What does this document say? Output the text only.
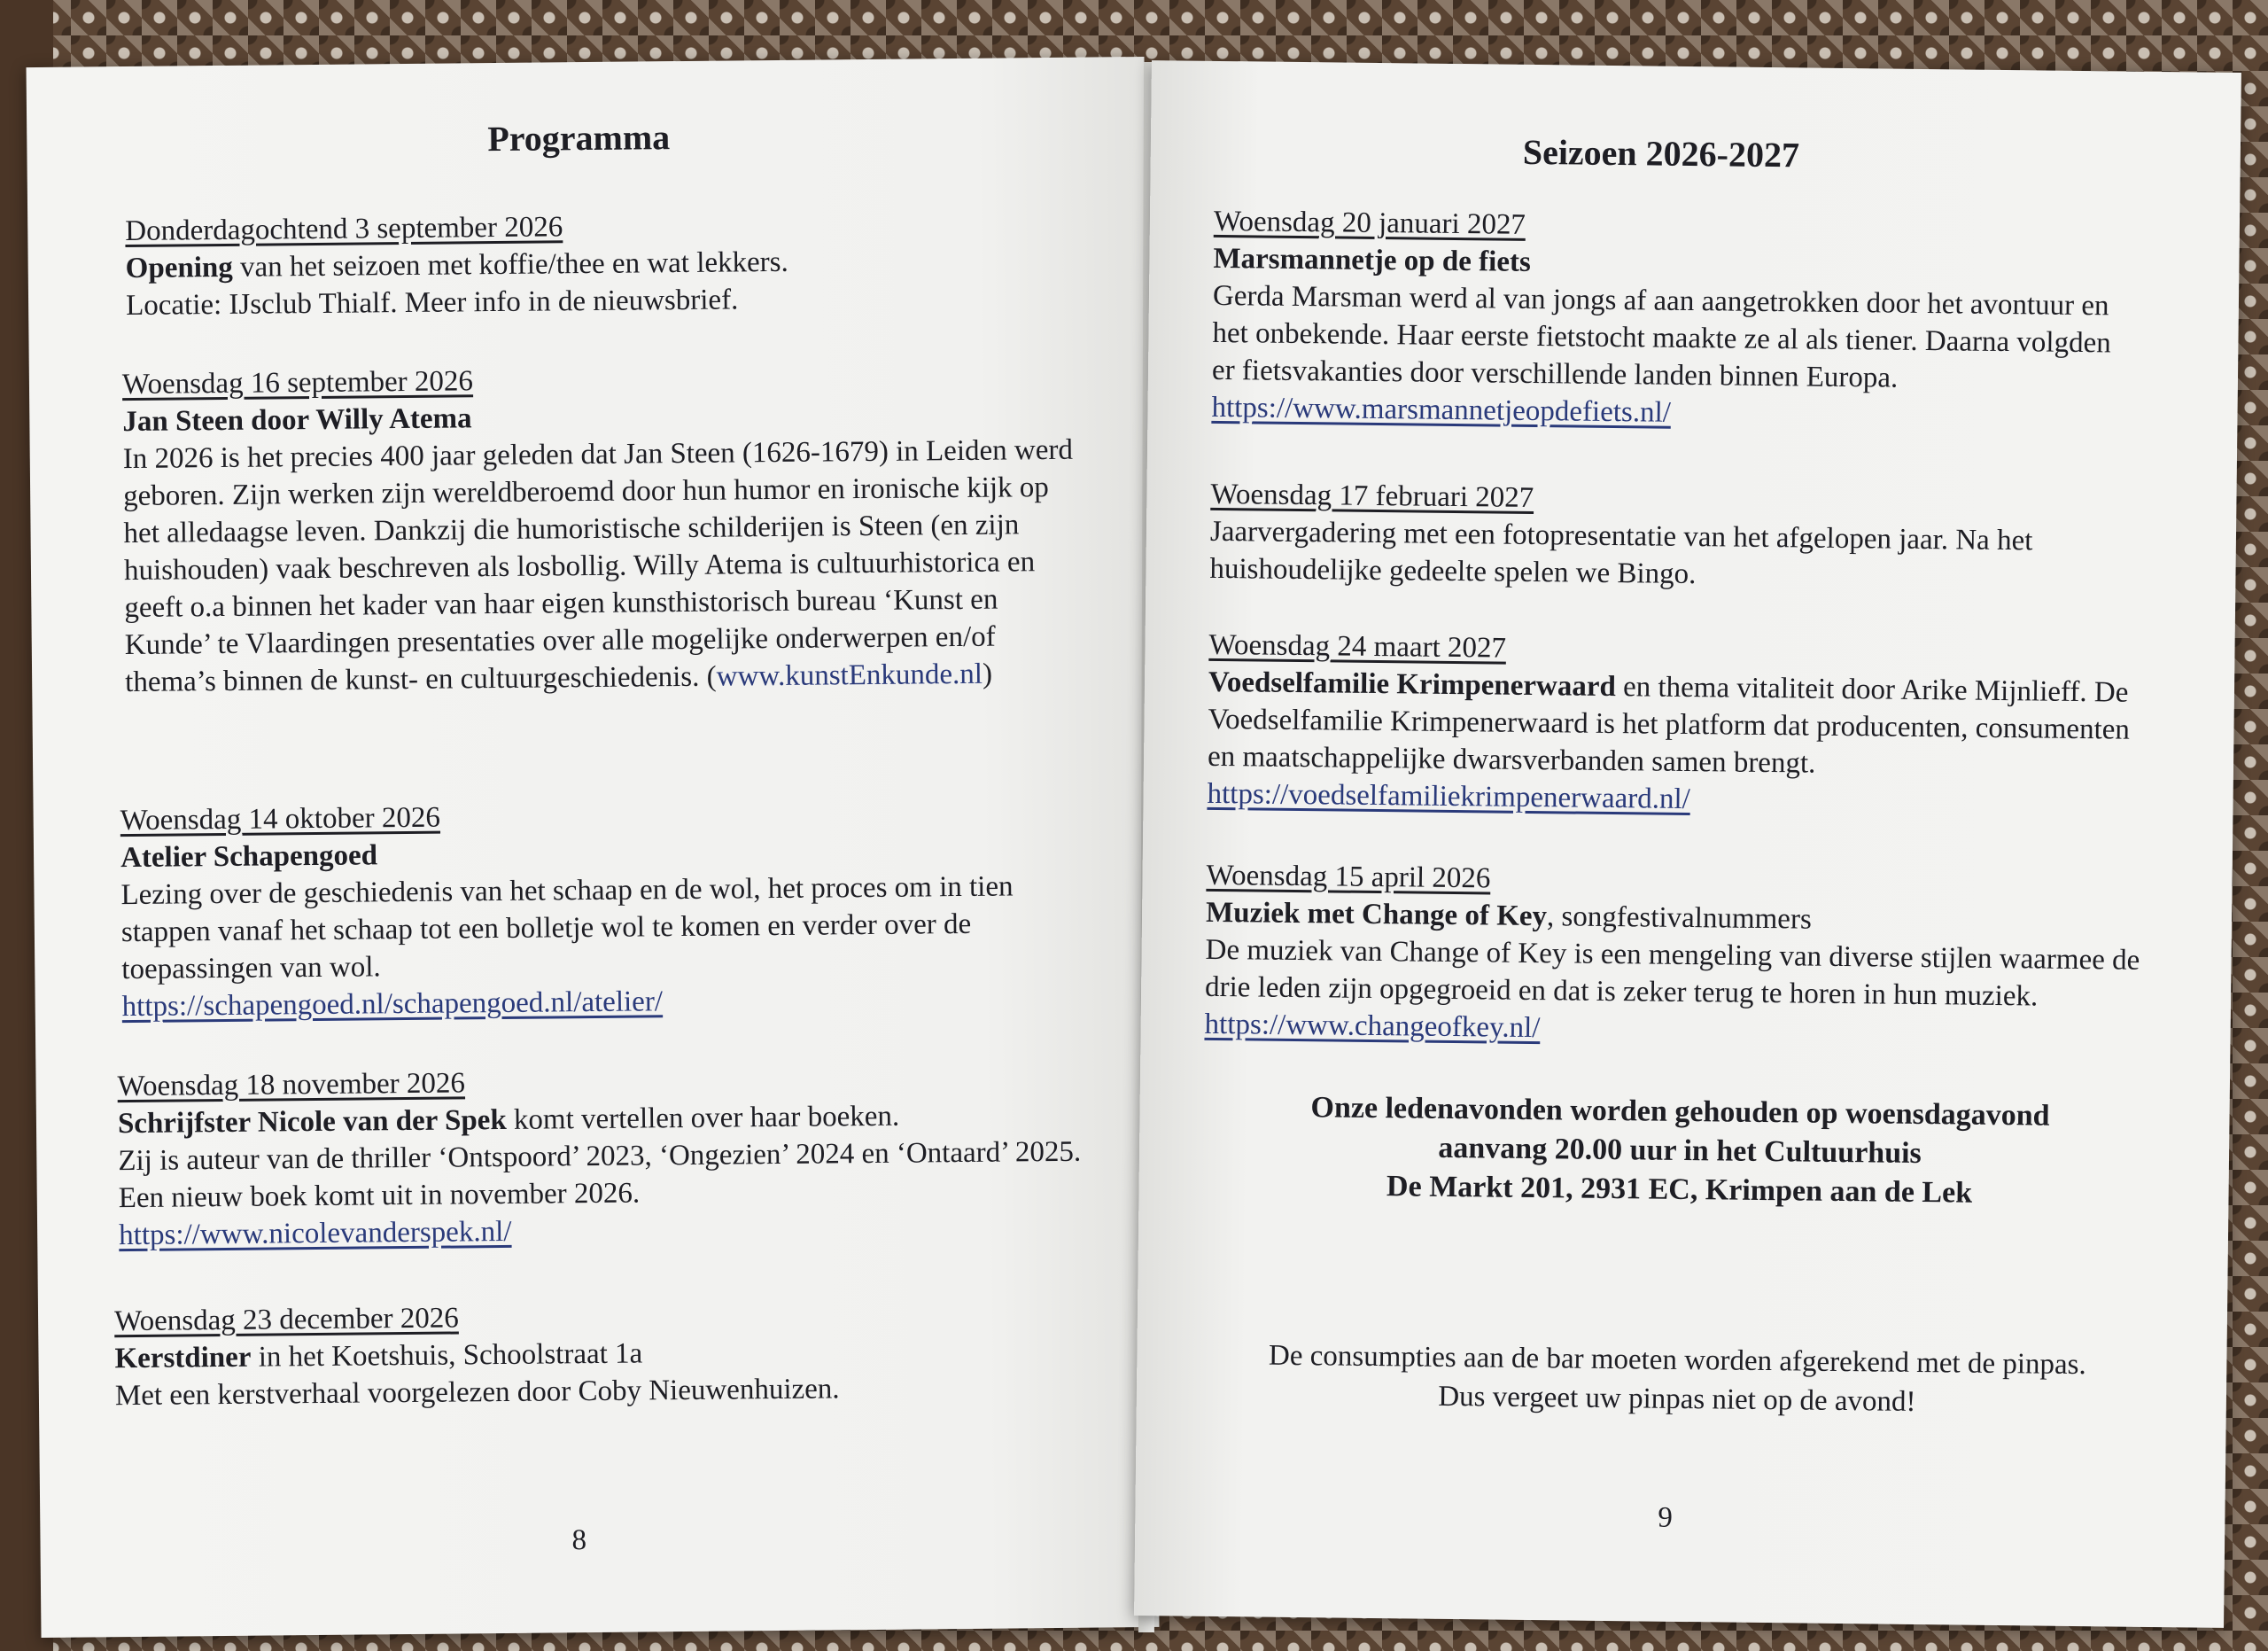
Programma
Donderdagochtend 3 september 2026

Opening van het seizoen met koffie/thee en wat lekkers.

Locatie: IJsclub Thialf. Meer info in de nieuwsbrief.

Woensdag 16 september 2026

Jan Steen door Willy Atema

In 2026 is het precies 400 jaar geleden dat Jan Steen (1626-1679) in Leiden werd geboren. Zijn werken zijn wereldberoemd door hun humor en ironische kijk op het alledaagse leven. Dankzij die humoristische schilderijen is Steen (en zijn huishouden) vaak beschreven als losbollig. Willy Atema is cultuurhistorica en geeft o.a binnen het kader van haar eigen kunsthistorisch bureau ‘Kunst en Kunde’ te Vlaardingen presentaties over alle mogelijke onderwerpen en/of thema’s binnen de kunst- en cultuurgeschiedenis. (www.kunstEnkunde.nl)

Woensdag 14 oktober 2026

Atelier Schapengoed

Lezing over de geschiedenis van het schaap en de wol, het proces om in tien stappen vanaf het schaap tot een bolletje wol te komen en verder over de toepassingen van wol.

https://schapengoed.nl/schapengoed.nl/atelier/

Woensdag 18 november 2026

Schrijfster Nicole van der Spek komt vertellen over haar boeken.

Zij is auteur van de thriller ‘Ontspoord’ 2023, ‘Ongezien’ 2024 en ‘Ontaard’ 2025. Een nieuw boek komt uit in november 2026.

https://www.nicolevanderspek.nl/

Woensdag 23 december 2026

Kerstdiner in het Koetshuis, Schoolstraat 1a

Met een kerstverhaal voorgelezen door Coby Nieuwenhuizen.

8
Seizoen 2026-2027
Woensdag 20 januari 2027

Marsmannetje op de fiets

Gerda Marsman werd al van jongs af aan aangetrokken door het avontuur en het onbekende. Haar eerste fietstocht maakte ze al als tiener. Daarna volgden er fietsvakanties door verschillende landen binnen Europa. https://www.marsmannetjeopdefiets.nl/

Woensdag 17 februari 2027

Jaarvergadering met een fotopresentatie van het afgelopen jaar. Na het huishoudelijke gedeelte spelen we Bingo.

Woensdag 24 maart 2027

Voedselfamilie Krimpenerwaard en thema vitaliteit door Arike Mijnlieff. De Voedselfamilie Krimpenerwaard is het platform dat producenten, consumenten en maatschappelijke dwarsverbanden samen brengt. https://voedselfamiliekrimpenerwaard.nl/

Woensdag 15 april 2026

Muziek met Change of Key, songfestivalnummers

De muziek van Change of Key is een mengeling van diverse stijlen waarmee de drie leden zijn opgegroeid en dat is zeker terug te horen in hun muziek. https://www.changeofkey.nl/

Onze ledenavonden worden gehouden op woensdagavond

aanvang 20.00 uur in het Cultuurhuis

De Markt 201, 2931 EC, Krimpen aan de Lek

De consumpties aan de bar moeten worden afgerekend met de pinpas.

Dus vergeet uw pinpas niet op de avond!

9
